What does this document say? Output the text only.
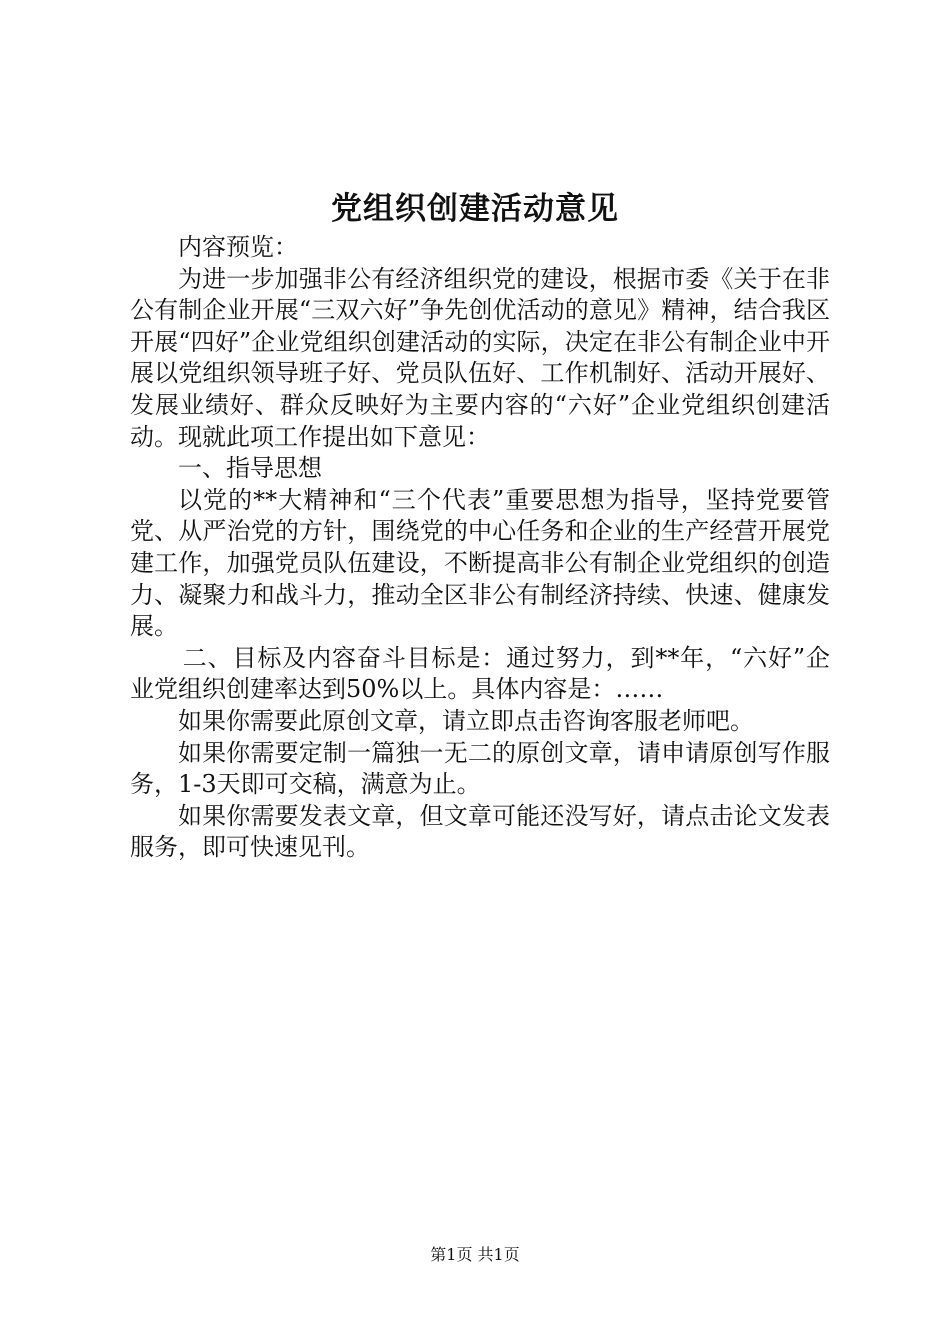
党组织创建活动意见

内容预览：

为进一步加强非公有经济组织党的建设，根据市委《关于在非公有制企业开展“三双六好”争先创优活动的意见》精神，结合我区开展“四好”企业党组织创建活动的实际，决定在非公有制企业中开展以党组织领导班子好、党员队伍好、工作机制好、活动开展好、发展业绩好、群众反映好为主要内容的“六好”企业党组织创建活动。现就此项工作提出如下意见：

一、指导思想

以党的**大精神和“三个代表”重要思想为指导，坚持党要管党、从严治党的方针，围绕党的中心任务和企业的生产经营开展党建工作，加强党员队伍建设，不断提高非公有制企业党组织的创造力、凝聚力和战斗力，推动全区非公有制经济持续、快速、健康发展。

二、目标及内容奋斗目标是：通过努力，到**年，“六好”企业党组织创建率达到50%以上。具体内容是：……

如果你需要此原创文章，请立即点击咨询客服老师吧。

如果你需要定制一篇独一无二的原创文章，请申请原创写作服务，1-3天即可交稿，满意为止。

如果你需要发表文章，但文章可能还没写好，请点击论文发表服务，即可快速见刊。

第1页 共1页
